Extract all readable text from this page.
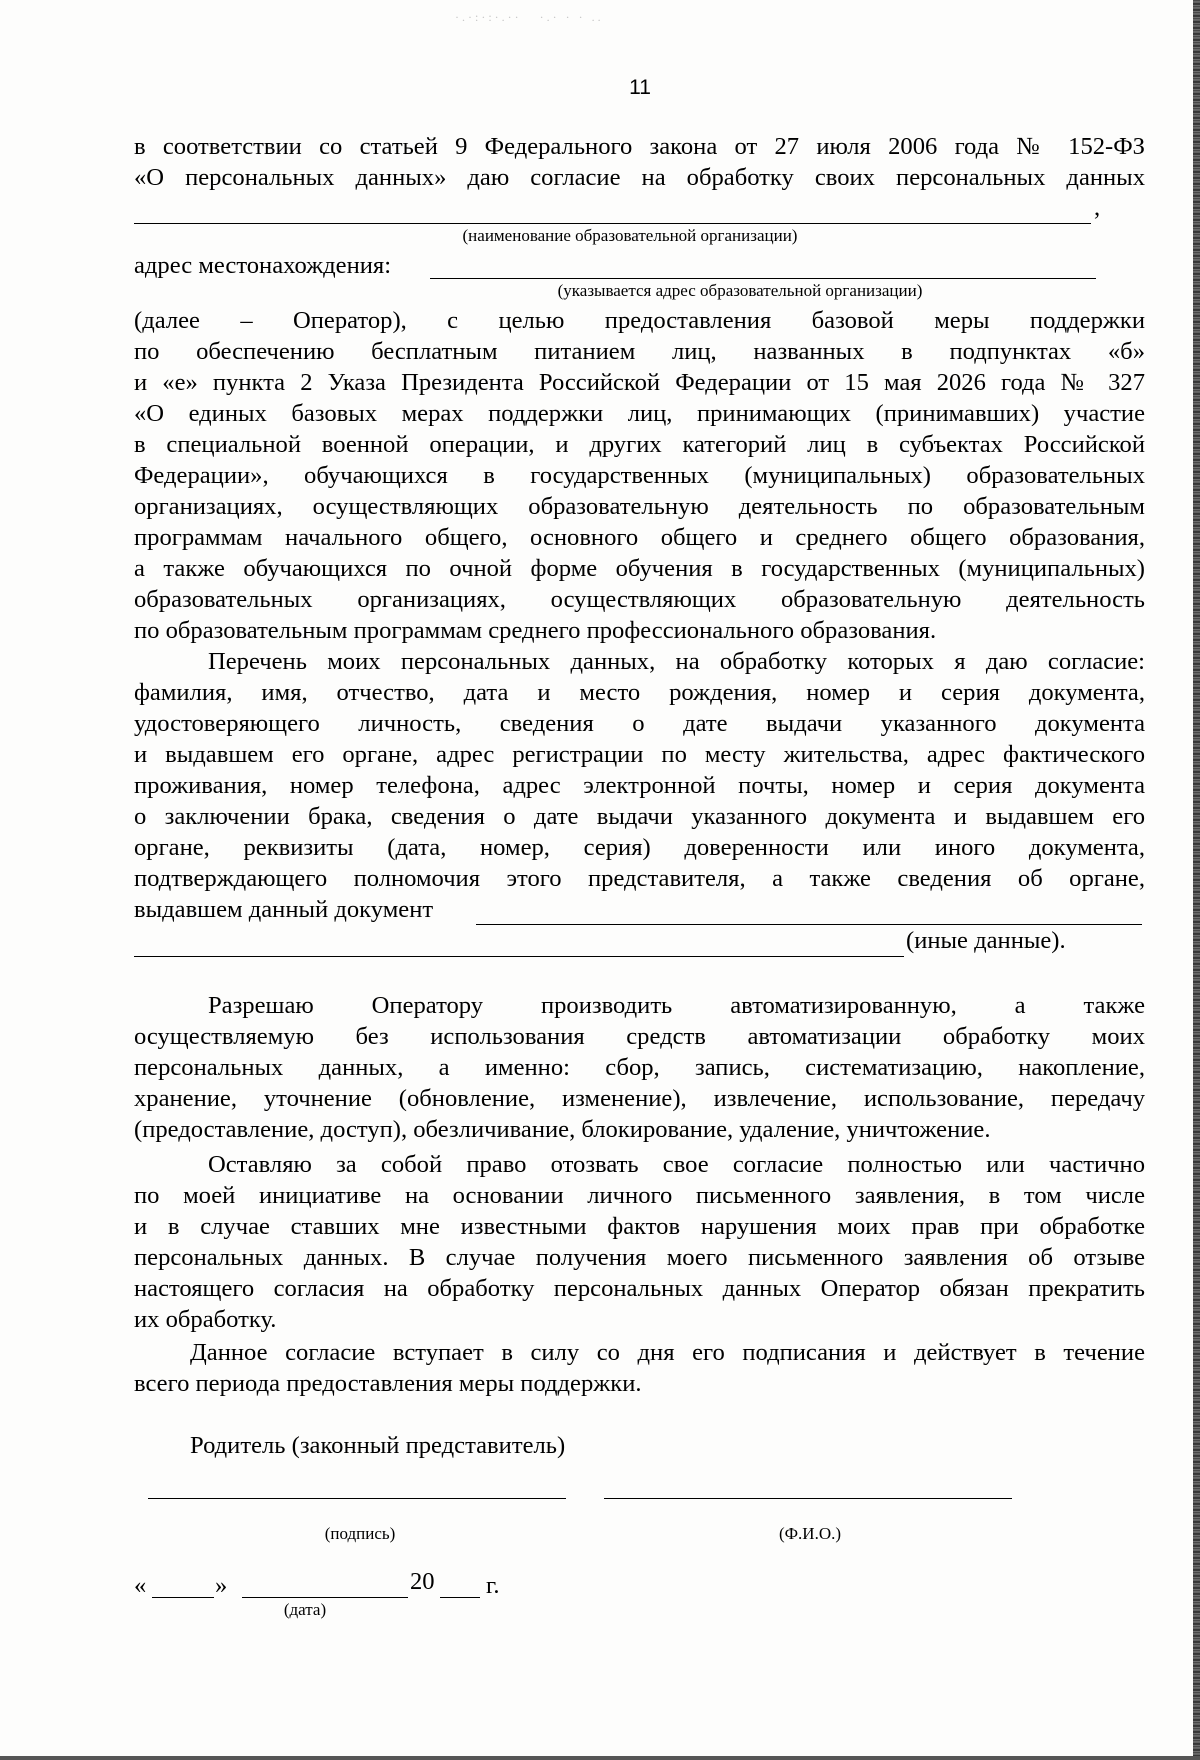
·.·:·:·.··   ·.· · · ..
11
в соответствии со статьей 9 Федерального закона от 27 июля 2006 года № 152-ФЗ
«О персональных данных» даю согласие на обработку своих персональных данных
,
(наименование образовательной организации)
адрес местонахождения:
(указывается адрес образовательной организации)
(далее – Оператор), с целью предоставления базовой меры поддержки
по обеспечению бесплатным питанием лиц, названных в подпунктах «б»
и «е» пункта 2 Указа Президента Российской Федерации от 15 мая 2026 года № 327
«О единых базовых мерах поддержки лиц, принимающих (принимавших) участие
в специальной военной операции, и других категорий лиц в субъектах Российской
Федерации», обучающихся в государственных (муниципальных) образовательных
организациях, осуществляющих образовательную деятельность по образовательным
программам начального общего, основного общего и среднего общего образования,
а также обучающихся по очной форме обучения в государственных (муниципальных)
образовательных организациях, осуществляющих образовательную деятельность
по образовательным программам среднего профессионального образования.
Перечень моих персональных данных, на обработку которых я даю согласие:
фамилия, имя, отчество, дата и место рождения, номер и серия документа,
удостоверяющего личность, сведения о дате выдачи указанного документа
и выдавшем его органе, адрес регистрации по месту жительства, адрес фактического
проживания, номер телефона, адрес электронной почты, номер и серия документа
о заключении брака, сведения о дате выдачи указанного документа и выдавшем его
органе, реквизиты (дата, номер, серия) доверенности или иного документа,
подтверждающего полномочия этого представителя, а также сведения об органе,
выдавшем данный документ
(иные данные).
Разрешаю Оператору производить автоматизированную, а также
осуществляемую без использования средств автоматизации обработку моих
персональных данных, а именно: сбор, запись, систематизацию, накопление,
хранение, уточнение (обновление, изменение), извлечение, использование, передачу
(предоставление, доступ), обезличивание, блокирование, удаление, уничтожение.
Оставляю за собой право отозвать свое согласие полностью или частично
по моей инициативе на основании личного письменного заявления, в том числе
и в случае ставших мне известными фактов нарушения моих прав при обработке
персональных данных. В случае получения моего письменного заявления об отзыве
настоящего согласия на обработку персональных данных Оператор обязан прекратить
их обработку.
Данное согласие вступает в силу со дня его подписания и действует в течение
всего периода предоставления меры поддержки.
Родитель (законный представитель)
(подпись)	(Ф.И.О.)
«	»	20 г.
(дата)
